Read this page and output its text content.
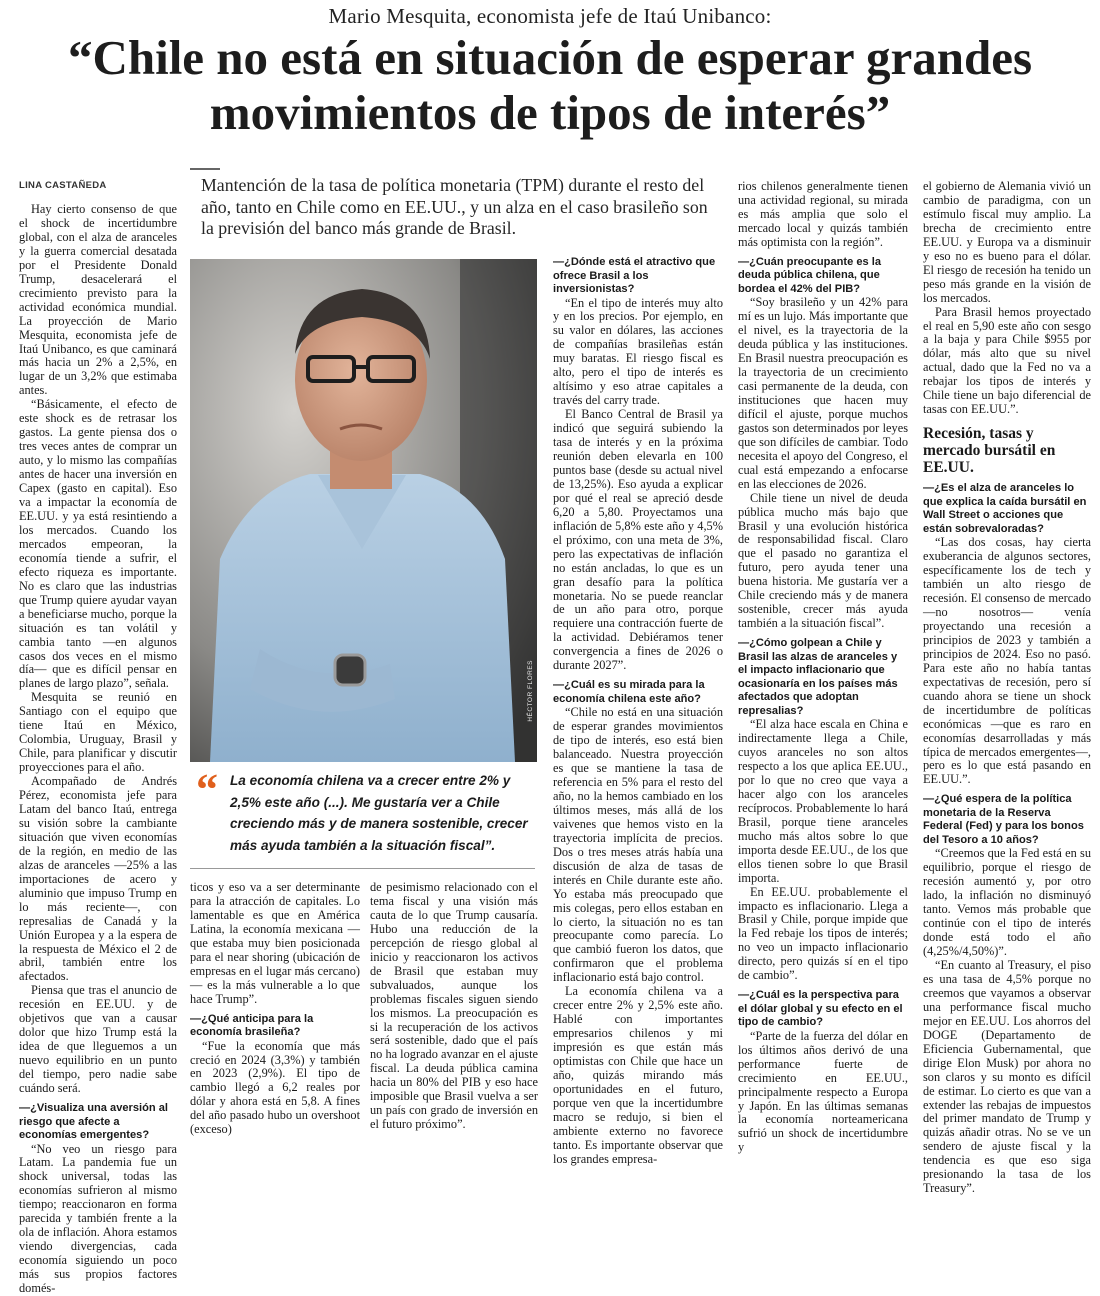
Mario Mesquita, economista jefe de Itaú Unibanco:
“Chile no está en situación de esperar grandes movimientos de tipos de interés”
LINA CASTAÑEDA	Mantención de la tasa de política monetaria (TPM) durante el resto del año, tanto en Chile como en EE.UU., y un alza en el caso brasileño son la previsión del banco más grande de Brasil.

Hay cierto consenso de que el shock de incertidumbre global, con el alza de aranceles y la guerra comercial desatada por el Presidente Donald Trump, desacelerará el crecimiento previsto para la actividad económica mundial. La proyección de Mario Mesquita, economista jefe de Itaú Unibanco, es que caminará más hacia un 2% a 2,5%, en lugar de un 3,2% que estimaba antes.

“Básicamente, el efecto de este shock es de retrasar los gastos. La gente piensa dos o tres veces antes de comprar un auto, y lo mismo las compañías antes de hacer una inversión en Capex (gasto en capital). Eso va a impactar la economía de EE.UU. y ya está resintiendo a los mercados. Cuando los mercados empeoran, la economía tiende a sufrir, el efecto riqueza es importante. No es claro que las industrias que Trump quiere ayudar vayan a beneficiarse mucho, porque la situación es tan volátil y cambia tanto —en algunos casos dos veces en el mismo día— que es difícil pensar en planes de largo plazo”, señala.

Mesquita se reunió en Santiago con el equipo que tiene Itaú en México, Colombia, Uruguay, Brasil y Chile, para planificar y discutir proyecciones para el año.

Acompañado de Andrés Pérez, economista jefe para Latam del banco Itaú, entrega su visión sobre la cambiante situación que viven economías de la región, en medio de las alzas de aranceles —25% a las importaciones de acero y aluminio que impuso Trump en lo más reciente—, con represalias de Canadá y la Unión Europea y a la espera de la respuesta de México el 2 de abril, también entre los afectados.

Piensa que tras el anuncio de recesión en EE.UU. y de objetivos que van a causar dolor que hizo Trump está la idea de que lleguemos a un nuevo equilibrio en un punto del tiempo, pero nadie sabe cuándo será.

—¿Visualiza una aversión al riesgo que afecte a economías emergentes?

“No veo un riesgo para Latam. La pandemia fue un shock universal, todas las economías sufrieron al mismo tiempo; reaccionaron en forma parecida y también frente a la ola de inflación. Ahora estamos viendo divergencias, cada economía siguiendo un poco más sus propios factores domés-

HÉCTOR FLORES
“ La economía chilena va a crecer entre 2% y 2,5% este año (...). Me gustaría ver a Chile creciendo más y de manera sostenible, crecer más ayuda también a la situación fiscal”.

ticos y eso va a ser determinante para la atracción de capitales. Lo lamentable es que en América Latina, la economía mexicana —que estaba muy bien posicionada para el near shoring (ubicación de empresas en el lugar más cercano)— es la más vulnerable a lo que hace Trump”.

—¿Qué anticipa para la economía brasileña?

“Fue la economía que más creció en 2024 (3,3%) y también en 2023 (2,9%). El tipo de cambio llegó a 6,2 reales por dólar y ahora está en 5,8. A fines del año pasado hubo un overshoot (exceso)

de pesimismo relacionado con el tema fiscal y una visión más cauta de lo que Trump causaría. Hubo una reducción de la percepción de riesgo global al inicio y reaccionaron los activos de Brasil que estaban muy subvaluados, aunque los problemas fiscales siguen siendo los mismos. La preocupación es si la recuperación de los activos será sostenible, dado que el país no ha logrado avanzar en el ajuste fiscal. La deuda pública camina hacia un 80% del PIB y eso hace imposible que Brasil vuelva a ser un país con grado de inversión en el futuro próximo”.

—¿Dónde está el atractivo que ofrece Brasil a los inversionistas?

“En el tipo de interés muy alto y en los precios. Por ejemplo, en su valor en dólares, las acciones de compañías brasileñas están muy baratas. El riesgo fiscal es alto, pero el tipo de interés es altísimo y eso atrae capitales a través del carry trade.

El Banco Central de Brasil ya indicó que seguirá subiendo la tasa de interés y en la próxima reunión deben elevarla en 100 puntos base (desde su actual nivel de 13,25%). Eso ayuda a explicar por qué el real se apreció desde 6,20 a 5,80. Proyectamos una inflación de 5,8% este año y 4,5% el próximo, con una meta de 3%, pero las expectativas de inflación no están ancladas, lo que es un gran desafío para la política monetaria. No se puede reanclar de un año para otro, porque requiere una contracción fuerte de la actividad. Debiéramos tener convergencia a fines de 2026 o durante 2027”.

—¿Cuál es su mirada para la economía chilena este año?

“Chile no está en una situación de esperar grandes movimientos de tipo de interés, eso está bien balanceado. Nuestra proyección es que se mantiene la tasa de referencia en 5% para el resto del año, no la hemos cambiado en los últimos meses, más allá de los vaivenes que hemos visto en la trayectoria implícita de precios. Dos o tres meses atrás había una discusión de alza de tasas de interés en Chile durante este año. Yo estaba más preocupado que mis colegas, pero ellos estaban en lo cierto, la situación no es tan preocupante como parecía. Lo que cambió fueron los datos, que confirmaron que el problema inflacionario está bajo control.

La economía chilena va a crecer entre 2% y 2,5% este año. Hablé con importantes empresarios chilenos y mi impresión es que están más optimistas con Chile que hace un año, quizás mirando más oportunidades en el futuro, porque ven que la incertidumbre macro se redujo, si bien el ambiente externo no favorece tanto. Es importante observar que los grandes empresa-

rios chilenos generalmente tienen una actividad regional, su mirada es más amplia que solo el mercado local y quizás también más optimista con la región”.

—¿Cuán preocupante es la deuda pública chilena, que bordea el 42% del PIB?

“Soy brasileño y un 42% para mí es un lujo. Más importante que el nivel, es la trayectoria de la deuda pública y las instituciones. En Brasil nuestra preocupación es la trayectoria de un crecimiento casi permanente de la deuda, con instituciones que hacen muy difícil el ajuste, porque muchos gastos son determinados por leyes que son difíciles de cambiar. Todo necesita el apoyo del Congreso, el cual está empezando a enfocarse en las elecciones de 2026.

Chile tiene un nivel de deuda pública mucho más bajo que Brasil y una evolución histórica de responsabilidad fiscal. Claro que el pasado no garantiza el futuro, pero ayuda tener una buena historia. Me gustaría ver a Chile creciendo más y de manera sostenible, crecer más ayuda también a la situación fiscal”.

—¿Cómo golpean a Chile y Brasil las alzas de aranceles y el impacto inflacionario que ocasionaría en los países más afectados que adoptan represalias?

“El alza hace escala en China e indirectamente llega a Chile, cuyos aranceles no son altos respecto a los que aplica EE.UU., por lo que no creo que vaya a hacer algo con los aranceles recíprocos. Probablemente lo hará Brasil, porque tiene aranceles mucho más altos sobre lo que importa desde EE.UU., de los que ellos tienen sobre lo que Brasil importa.

En EE.UU. probablemente el impacto es inflacionario. Llega a Brasil y Chile, porque impide que la Fed rebaje los tipos de interés; no veo un impacto inflacionario directo, pero quizás sí en el tipo de cambio”.

—¿Cuál es la perspectiva para el dólar global y su efecto en el tipo de cambio?

“Parte de la fuerza del dólar en los últimos años derivó de una performance fuerte de crecimiento en EE.UU., principalmente respecto a Europa y Japón. En las últimas semanas la economía norteamericana sufrió un shock de incertidumbre y

el gobierno de Alemania vivió un cambio de paradigma, con un estímulo fiscal muy amplio. La brecha de crecimiento entre EE.UU. y Europa va a disminuir y eso no es bueno para el dólar. El riesgo de recesión ha tenido un peso más grande en la visión de los mercados.

Para Brasil hemos proyectado el real en 5,90 este año con sesgo a la baja y para Chile $955 por dólar, más alto que su nivel actual, dado que la Fed no va a rebajar los tipos de interés y Chile tiene un bajo diferencial de tasas con EE.UU.”.

Recesión, tasas y mercado bursátil en EE.UU.

—¿Es el alza de aranceles lo que explica la caída bursátil en Wall Street o acciones que están sobrevaloradas?

“Las dos cosas, hay cierta exuberancia de algunos sectores, específicamente los de tech y también un alto riesgo de recesión. El consenso de mercado —no nosotros— venía proyectando una recesión a principios de 2023 y también a principios de 2024. Eso no pasó. Para este año no había tantas expectativas de recesión, pero sí cuando ahora se tiene un shock de incertidumbre de políticas económicas —que es raro en economías desarrolladas y más típica de mercados emergentes—, pero es lo que está pasando en EE.UU.”.

—¿Qué espera de la política monetaria de la Reserva Federal (Fed) y para los bonos del Tesoro a 10 años?

“Creemos que la Fed está en su equilibrio, porque el riesgo de recesión aumentó y, por otro lado, la inflación no disminuyó tanto. Vemos más probable que continúe con el tipo de interés donde está todo el año (4,25%/4,50%)”.

“En cuanto al Treasury, el piso es una tasa de 4,5% porque no creemos que vayamos a observar una performance fiscal mucho mejor en EE.UU. Los ahorros del DOGE (Departamento de Eficiencia Gubernamental, que dirige Elon Musk) por ahora no son claros y su monto es difícil de estimar. Lo cierto es que van a extender las rebajas de impuestos del primer mandato de Trump y quizás añadir otras. No se ve un sendero de ajuste fiscal y la tendencia es que eso siga presionando la tasa de los Treasury”.
